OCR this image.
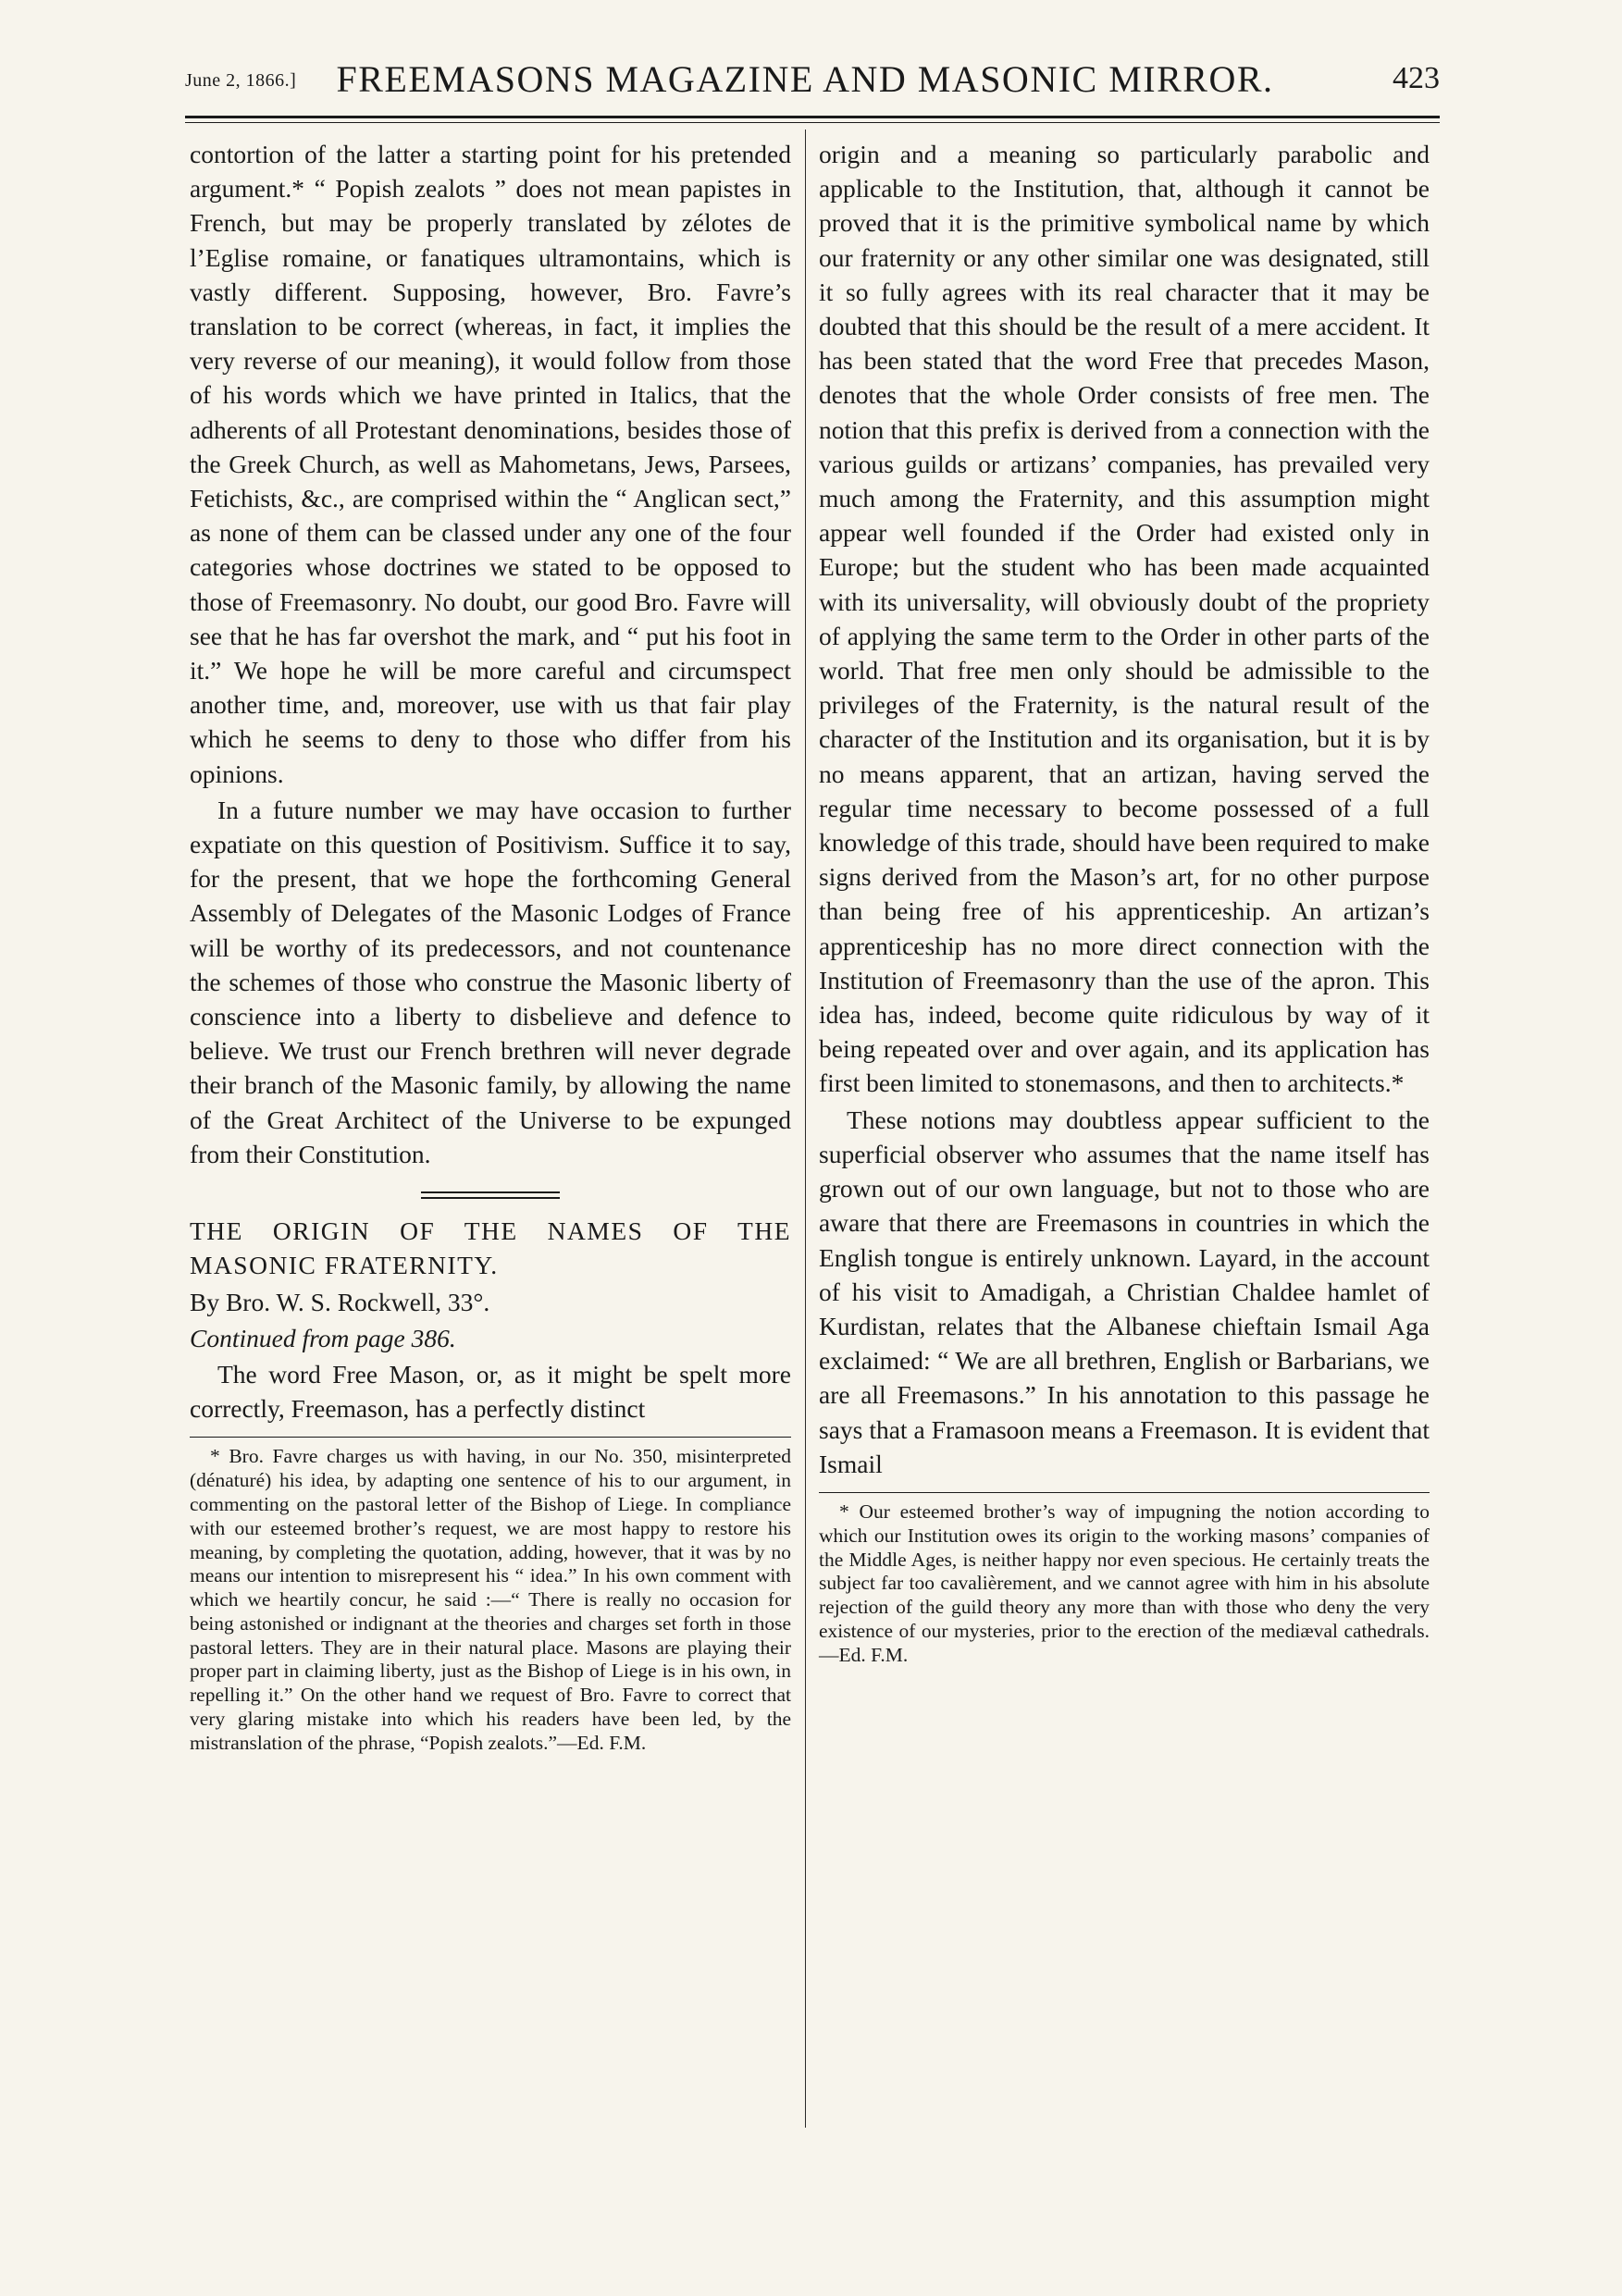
June 2, 1866.]	FREEMASONS MAGAZINE AND MASONIC MIRROR.	423

contortion of the latter a starting point for his pretended argument.* “ Popish zealots ” does not mean papistes in French, but may be properly translated by zélotes de l’Eglise romaine, or fanatiques ultramontains, which is vastly different. Supposing, however, Bro. Favre’s translation to be correct (whereas, in fact, it implies the very reverse of our meaning), it would follow from those of his words which we have printed in Italics, that the adherents of all Protestant denominations, besides those of the Greek Church, as well as Mahometans, Jews, Parsees, Fetichists, &c., are comprised within the “ Anglican sect,” as none of them can be classed under any one of the four categories whose doctrines we stated to be opposed to those of Freemasonry. No doubt, our good Bro. Favre will see that he has far overshot the mark, and “ put his foot in it.” We hope he will be more careful and circumspect another time, and, moreover, use with us that fair play which he seems to deny to those who differ from his opinions.

In a future number we may have occasion to further expatiate on this question of Positivism. Suffice it to say, for the present, that we hope the forthcoming General Assembly of Delegates of the Masonic Lodges of France will be worthy of its predecessors, and not countenance the schemes of those who construe the Masonic liberty of conscience into a liberty to disbelieve and defence to believe. We trust our French brethren will never degrade their branch of the Masonic family, by allowing the name of the Great Architect of the Universe to be expunged from their Constitution.

THE ORIGIN OF THE NAMES OF THE MASONIC FRATERNITY.

By Bro. W. S. Rockwell, 33°.

Continued from page 386.

The word Free Mason, or, as it might be spelt more correctly, Freemason, has a perfectly distinct

* Bro. Favre charges us with having, in our No. 350, misinterpreted (dénaturé) his idea, by adapting one sentence of his to our argument, in commenting on the pastoral letter of the Bishop of Liege. In compliance with our esteemed brother’s request, we are most happy to restore his meaning, by completing the quotation, adding, however, that it was by no means our intention to misrepresent his “ idea.” In his own comment with which we heartily concur, he said :—“ There is really no occasion for being astonished or indignant at the theories and charges set forth in those pastoral letters. They are in their natural place. Masons are playing their proper part in claiming liberty, just as the Bishop of Liege is in his own, in repelling it.” On the other hand we request of Bro. Favre to correct that very glaring mistake into which his readers have been led, by the mistranslation of the phrase, “Popish zealots.”—Ed. F.M.

origin and a meaning so particularly parabolic and applicable to the Institution, that, although it cannot be proved that it is the primitive symbolical name by which our fraternity or any other similar one was designated, still it so fully agrees with its real character that it may be doubted that this should be the result of a mere accident. It has been stated that the word Free that precedes Mason, denotes that the whole Order consists of free men. The notion that this prefix is derived from a connection with the various guilds or artizans’ companies, has prevailed very much among the Fraternity, and this assumption might appear well founded if the Order had existed only in Europe; but the student who has been made acquainted with its universality, will obviously doubt of the propriety of applying the same term to the Order in other parts of the world. That free men only should be admissible to the privileges of the Fraternity, is the natural result of the character of the Institution and its organisation, but it is by no means apparent, that an artizan, having served the regular time necessary to become possessed of a full knowledge of this trade, should have been required to make signs derived from the Mason’s art, for no other purpose than being free of his apprenticeship. An artizan’s apprenticeship has no more direct connection with the Institution of Freemasonry than the use of the apron. This idea has, indeed, become quite ridiculous by way of it being repeated over and over again, and its application has first been limited to stonemasons, and then to architects.*

These notions may doubtless appear sufficient to the superficial observer who assumes that the name itself has grown out of our own language, but not to those who are aware that there are Freemasons in countries in which the English tongue is entirely unknown. Layard, in the account of his visit to Amadigah, a Christian Chaldee hamlet of Kurdistan, relates that the Albanese chieftain Ismail Aga exclaimed: “ We are all brethren, English or Barbarians, we are all Freemasons.” In his annotation to this passage he says that a Framasoon means a Freemason. It is evident that Ismail

* Our esteemed brother’s way of impugning the notion according to which our Institution owes its origin to the working masons’ companies of the Middle Ages, is neither happy nor even specious. He certainly treats the subject far too cavalièrement, and we cannot agree with him in his absolute rejection of the guild theory any more than with those who deny the very existence of our mysteries, prior to the erection of the mediæval cathedrals.—Ed. F.M.
